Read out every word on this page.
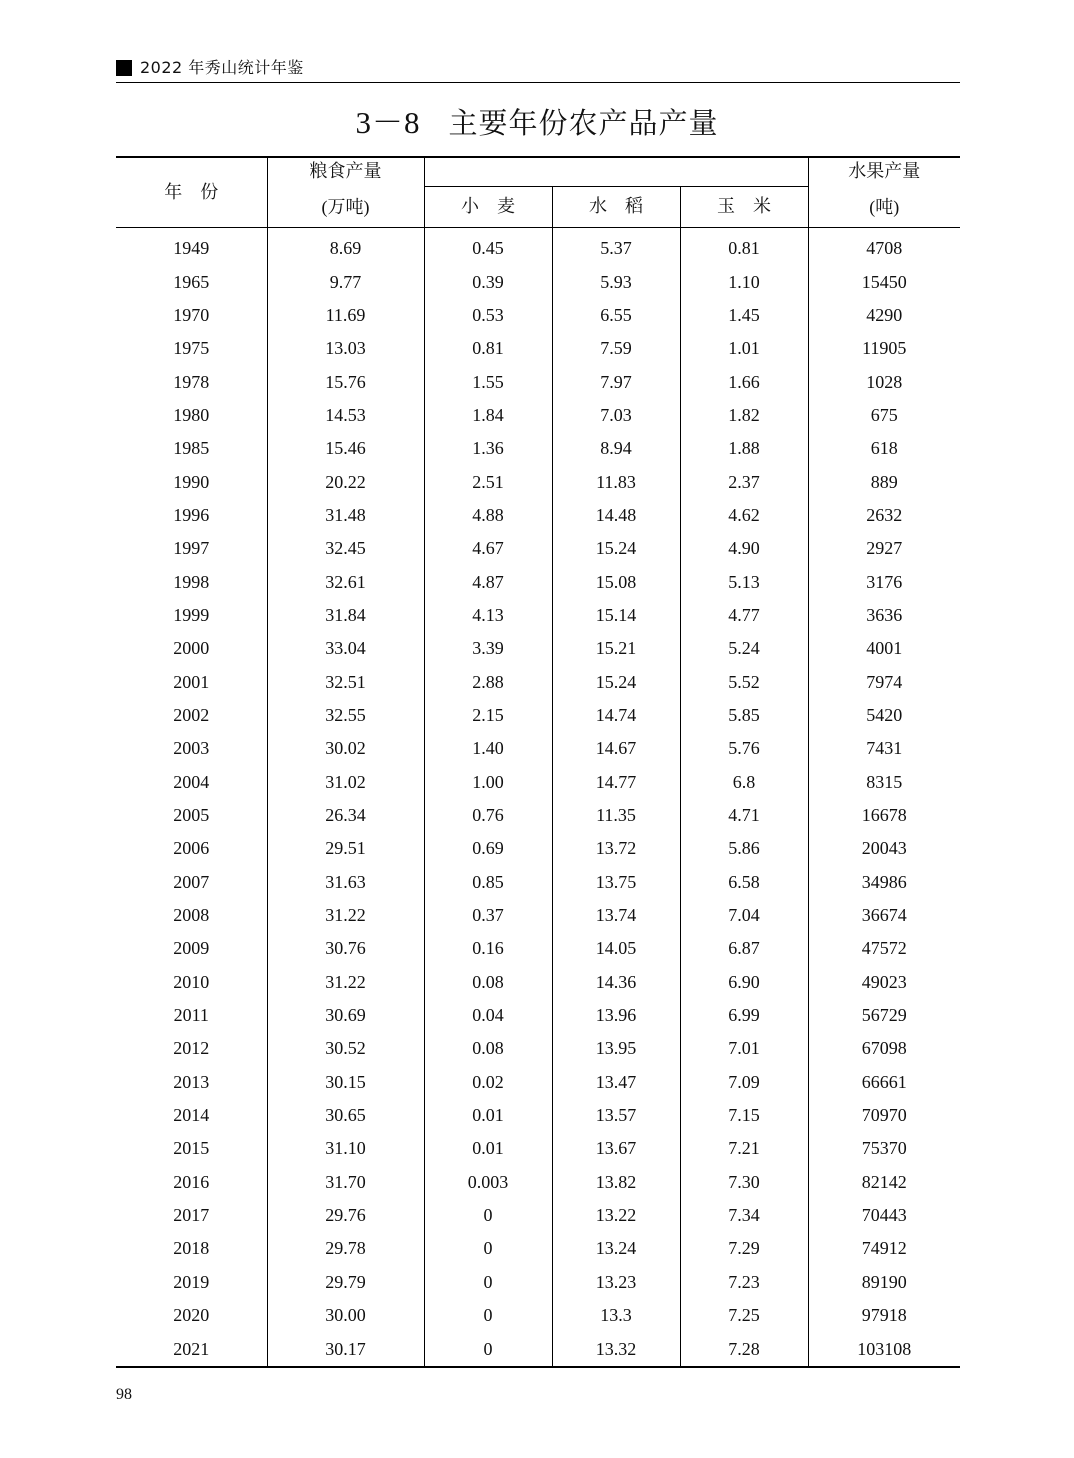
2022 年秀山统计年鉴
3－8 主要年份农产品产量
年　份	粮食产量				水果产量
	(万吨)	小　麦	水　稻	玉　米	(吨)
1949	8.69	0.45	5.37	0.81	4708
1965	9.77	0.39	5.93	1.10	15450
1970	11.69	0.53	6.55	1.45	4290
1975	13.03	0.81	7.59	1.01	11905
1978	15.76	1.55	7.97	1.66	1028
1980	14.53	1.84	7.03	1.82	675
1985	15.46	1.36	8.94	1.88	618
1990	20.22	2.51	11.83	2.37	889
1996	31.48	4.88	14.48	4.62	2632
1997	32.45	4.67	15.24	4.90	2927
1998	32.61	4.87	15.08	5.13	3176
1999	31.84	4.13	15.14	4.77	3636
2000	33.04	3.39	15.21	5.24	4001
2001	32.51	2.88	15.24	5.52	7974
2002	32.55	2.15	14.74	5.85	5420
2003	30.02	1.40	14.67	5.76	7431
2004	31.02	1.00	14.77	6.8	8315
2005	26.34	0.76	11.35	4.71	16678
2006	29.51	0.69	13.72	5.86	20043
2007	31.63	0.85	13.75	6.58	34986
2008	31.22	0.37	13.74	7.04	36674
2009	30.76	0.16	14.05	6.87	47572
2010	31.22	0.08	14.36	6.90	49023
2011	30.69	0.04	13.96	6.99	56729
2012	30.52	0.08	13.95	7.01	67098
2013	30.15	0.02	13.47	7.09	66661
2014	30.65	0.01	13.57	7.15	70970
2015	31.10	0.01	13.67	7.21	75370
2016	31.70	0.003	13.82	7.30	82142
2017	29.76	0	13.22	7.34	70443
2018	29.78	0	13.24	7.29	74912
2019	29.79	0	13.23	7.23	89190
2020	30.00	0	13.3	7.25	97918
2021	30.17	0	13.32	7.28	103108
98
